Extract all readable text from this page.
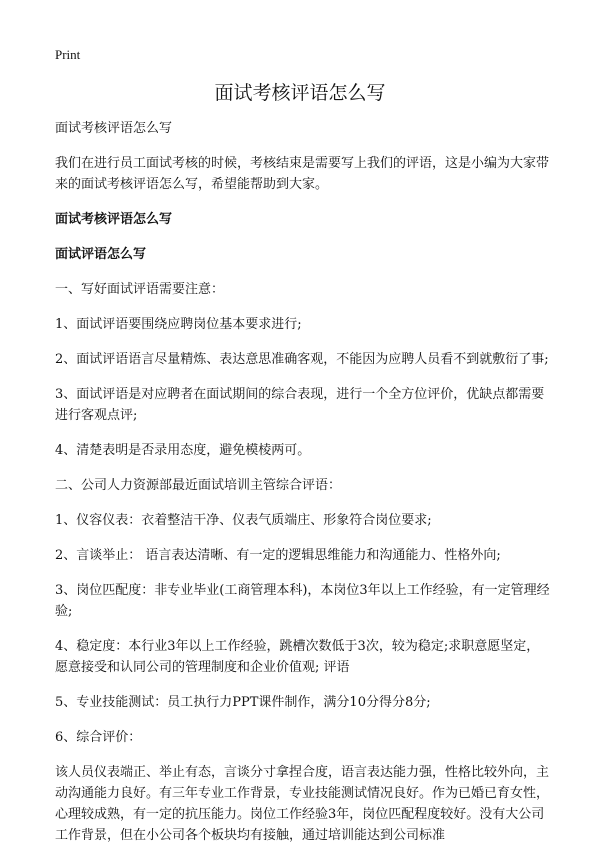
Print
面试考核评语怎么写

面试考核评语怎么写

我们在进行员工面试考核的时候，考核结束是需要写上我们的评语，这是小编为大家带来的面试考核评语怎么写，希望能帮助到大家。

面试考核评语怎么写

面试评语怎么写

一、写好面试评语需要注意：

1、面试评语要围绕应聘岗位基本要求进行;

2、面试评语语言尽量精炼、表达意思准确客观，不能因为应聘人员看不到就敷衍了事;

3、面试评语是对应聘者在面试期间的综合表现，进行一个全方位评价，优缺点都需要进行客观点评;

4、清楚表明是否录用态度，避免模棱两可。

二、公司人力资源部最近面试培训主管综合评语：

1、仪容仪表：衣着整洁干净、仪表气质端庄、形象符合岗位要求;

2、言谈举止： 语言表达清晰、有一定的逻辑思维能力和沟通能力、性格外向;

3、岗位匹配度：非专业毕业(工商管理本科)，本岗位3年以上工作经验，有一定管理经验;

4、稳定度：本行业3年以上工作经验，跳槽次数低于3次，较为稳定;求职意愿坚定，愿意接受和认同公司的管理制度和企业价值观; 评语

5、专业技能测试：员工执行力PPT课件制作，满分10分得分8分;

6、综合评价：

该人员仪表端正、举止有态，言谈分寸拿捏合度，语言表达能力强，性格比较外向，主动沟通能力良好。有三年专业工作背景，专业技能测试情况良好。作为已婚已育女性，心理较成熟，有一定的抗压能力。岗位工作经验3年，岗位匹配程度较好。没有大公司工作背景，但在小公司各个板块均有接触，通过培训能达到公司标准
